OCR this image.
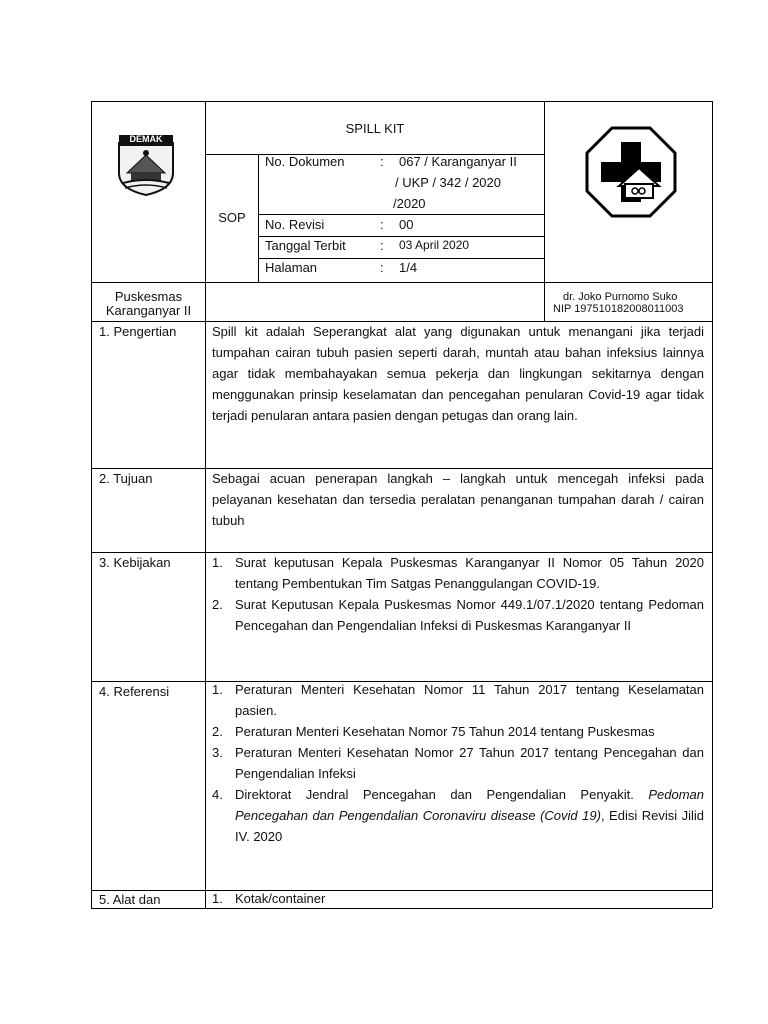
DEMAK
SPILL KIT
SOP
No. Dokumen	: 067 / Karanganyar II
/ UKP / 342 / 2020
/2020
No. Revisi	: 00
Tanggal Terbit	: 03 April 2020
Halaman	: 1/4
Puskesmas
Karanganyar II
dr. Joko Purnomo Suko
NIP 197510182008011003
1. Pengertian	Spill kit adalah Seperangkat alat yang digunakan untuk menangani jika terjadi tumpahan cairan tubuh pasien seperti darah, muntah atau bahan infeksius lainnya agar tidak membahayakan semua pekerja dan lingkungan sekitarnya dengan menggunakan prinsip keselamatan dan pencegahan penularan Covid-19 agar tidak terjadi penularan antara pasien dengan petugas dan orang lain.
2. Tujuan	Sebagai acuan penerapan langkah – langkah untuk mencegah infeksi pada pelayanan kesehatan dan tersedia peralatan penanganan tumpahan darah / cairan tubuh
3. Kebijakan	1. Surat keputusan Kepala Puskesmas Karanganyar II Nomor 05 Tahun 2020 tentang Pembentukan Tim Satgas Penanggulangan COVID-19.
2. Surat Keputusan Kepala Puskesmas Nomor 449.1/07.1/2020 tentang Pedoman Pencegahan dan Pengendalian Infeksi di Puskesmas Karanganyar II
4. Referensi	1. Peraturan Menteri Kesehatan Nomor 11 Tahun 2017 tentang Keselamatan pasien.
2. Peraturan Menteri Kesehatan Nomor 75 Tahun 2014 tentang Puskesmas
3. Peraturan Menteri Kesehatan Nomor 27 Tahun 2017 tentang Pencegahan dan Pengendalian Infeksi
4. Direktorat Jendral Pencegahan dan Pengendalian Penyakit. Pedoman Pencegahan dan Pengendalian Coronaviru disease (Covid 19), Edisi Revisi Jilid IV. 2020
5. Alat dan	1. Kotak/container
